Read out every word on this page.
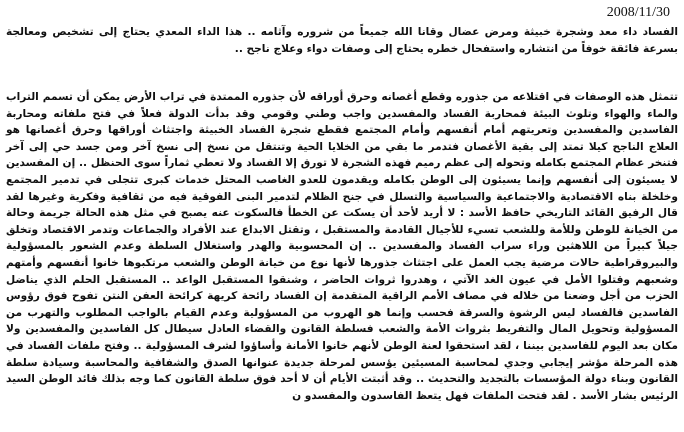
2008/11/30

الفساد داء معد وشجرة خبيثة ومرض عضال وقانا الله جميعاً من شروره وآثامه .. هذا الداء المعدي يحتاج إلى تشخيص ومعالجة بسرعة فائقة خوفاً من انتشاره واستفحال خطره يحتاج إلى وصفات دواء وعلاج ناجح ..

تتمثل هذه الوصفات في اقتلاعه من جذوره وقطع أغصانه وحرق أوراقه لأن جذوره الممتدة في تراب الأرض يمكن أن تسمم التراب والماء والهواء وتلوث البيئة فمحاربة الفساد والمفسدين واجب وطني وقومي وقد بدأت الدولة فعلاً في فتح ملفاته ومحاربة الفاسدين والمفسدين وتعريتهم أمام أنفسهم وأمام المجتمع فقطع شجرة الفساد الخبيثة واجتثاث أوراقها وحرق أغصانها هو العلاج الناجح كيلا تمتد إلى بقية الأغصان فتدمر ما بقي من الخلايا الحية وتنتقل من نسخ إلى نسخ آخر ومن جسد حي إلى آخر فتنخر عظام المجتمع بكامله وتحوله إلى عظم رميم فهذه الشجرة لا تورق إلا الفساد ولا تعطي ثماراً سوى الحنظل .. إن المفسدين لا يسيئون إلى أنفسهم وإنما يسيئون إلى الوطن بكامله ويقدمون للعدو الغاصب المحتل خدمات كبرى تتجلى في تدمير المجتمع وخلخلة بناه الاقتصادية والاجتماعية والسياسية والتسلل في جنح الظلام لتدمير البنى الفوقية فيه من ثقافية وفكرية وغيرها لقد قال الرفيق القائد التاريخي حافظ الأسد : لا أريد لأحد أن يسكت عن الخطأ فالسكوت عنه يصبح في مثل هذه الحالة جريمة وحالة من الخيانة للوطن وللأمة وللشعب تسيء للأجيال القادمة والمستقبل ، وتقتل الابداع عند الأفراد والجماعات وتدمر الاقتصاد وتخلق جيلاً كبيراً من اللاهثين وراء سراب الفساد والمفسدين .. إن المحسوبية والهدر واستغلال السلطة وعدم الشعور بالمسؤولية والبيروقراطية حالات مرضية يجب العمل على اجتثاث جذورها لأنها نوع من خيانة الوطن والشعب مرتكبوها خانوا أنفسهم وأمتهم وشعبهم وقتلوا الأمل في عيون الغد الآتي ، وهدروا ثروات الحاضر ، وشنقوا المستقبل الواعد .. المستقبل الحلم الذي يناضل الحزب من أجل وضعنا من خلاله في مصاف الأمم الراقية المتقدمة إن الفساد رائحة كريهة كرائحة العفن النتن تفوح فوق رؤوس الفاسدين فالفساد ليس الرشوة والسرقة فحسب وإنما هو الهروب من المسؤولية وعدم القيام بالواجب المطلوب والتهرب من المسؤولية وتحويل المال والتفريط بثروات الأمة والشعب فسلطة القانون والقضاء العادل سيطال كل الفاسدين والمفسدين ولا مكان بعد اليوم للفاسدين بيننا ، لقد استحقوا لعنة الوطن لأنهم خانوا الأمانة وأساؤوا لشرف المسؤولية .. وفتح ملفات الفساد في هذه المرحلة مؤشر إيجابي وجدي لمحاسبة المسيئين يؤسس لمرحلة جديدة عنوانها الصدق والشفافية والمحاسبة وسيادة سلطة القانون وبناء دولة المؤسسات بالتجديد والتحديث .. وقد أثبتت الأيام أن لا أحد فوق سلطة القانون كما وجه بذلك قائد الوطن السيد الرئيس بشار الأسد . لقد فتحت الملفات فهل يتعظ الفاسدون والمفسدو ن
